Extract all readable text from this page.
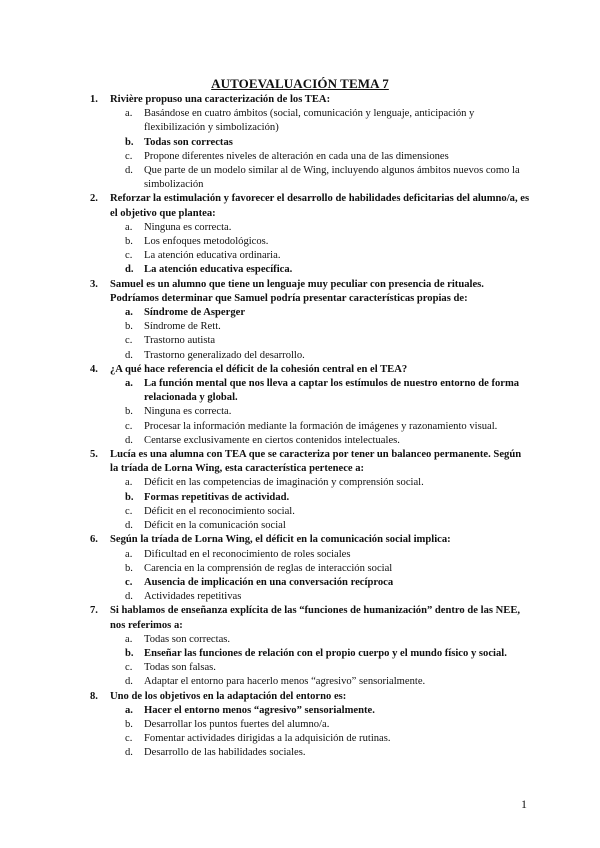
AUTOEVALUACIÓN TEMA 7
1. Rivière propuso una caracterización de los TEA:
a. Basándose en cuatro ámbitos (social, comunicación y lenguaje, anticipación y flexibilización y simbolización)
b. Todas son correctas
c. Propone diferentes niveles de alteración en cada una de las dimensiones
d. Que parte de un modelo similar al de Wing, incluyendo algunos ámbitos nuevos como la simbolización
2. Reforzar la estimulación y favorecer el desarrollo de habilidades deficitarias del alumno/a, es el objetivo que plantea:
a. Ninguna es correcta.
b. Los enfoques metodológicos.
c. La atención educativa ordinaria.
d. La atención educativa específica.
3. Samuel es un alumno que tiene un lenguaje muy peculiar con presencia de rituales. Podríamos determinar que Samuel podría presentar características propias de:
a. Síndrome de Asperger
b. Síndrome de Rett.
c. Trastorno autista
d. Trastorno generalizado del desarrollo.
4. ¿A qué hace referencia el déficit de la cohesión central en el TEA?
a. La función mental que nos lleva a captar los estímulos de nuestro entorno de forma relacionada y global.
b. Ninguna es correcta.
c. Procesar la información mediante la formación de imágenes y razonamiento visual.
d. Centarse exclusivamente en ciertos contenidos intelectuales.
5. Lucía es una alumna con TEA que se caracteriza por tener un balanceo permanente. Según la tríada de Lorna Wing, esta característica pertenece a:
a. Déficit en las competencias de imaginación y comprensión social.
b. Formas repetitivas de actividad.
c. Déficit en el reconocimiento social.
d. Déficit en la comunicación social
6. Según la tríada de Lorna Wing, el déficit en la comunicación social implica:
a. Dificultad en el reconocimiento de roles sociales
b. Carencia en la comprensión de reglas de interacción social
c. Ausencia de implicación en una conversación recíproca
d. Actividades repetitivas
7. Si hablamos de enseñanza explícita de las “funciones de humanización” dentro de las NEE, nos referimos a:
a. Todas son correctas.
b. Enseñar las funciones de relación con el propio cuerpo y el mundo físico y social.
c. Todas son falsas.
d. Adaptar el entorno para hacerlo menos “agresivo” sensorialmente.
8. Uno de los objetivos en la adaptación del entorno es:
a. Hacer el entorno menos “agresivo” sensorialmente.
b. Desarrollar los puntos fuertes del alumno/a.
c. Fomentar actividades dirigidas a la adquisición de rutinas.
d. Desarrollo de las habilidades sociales.
1
